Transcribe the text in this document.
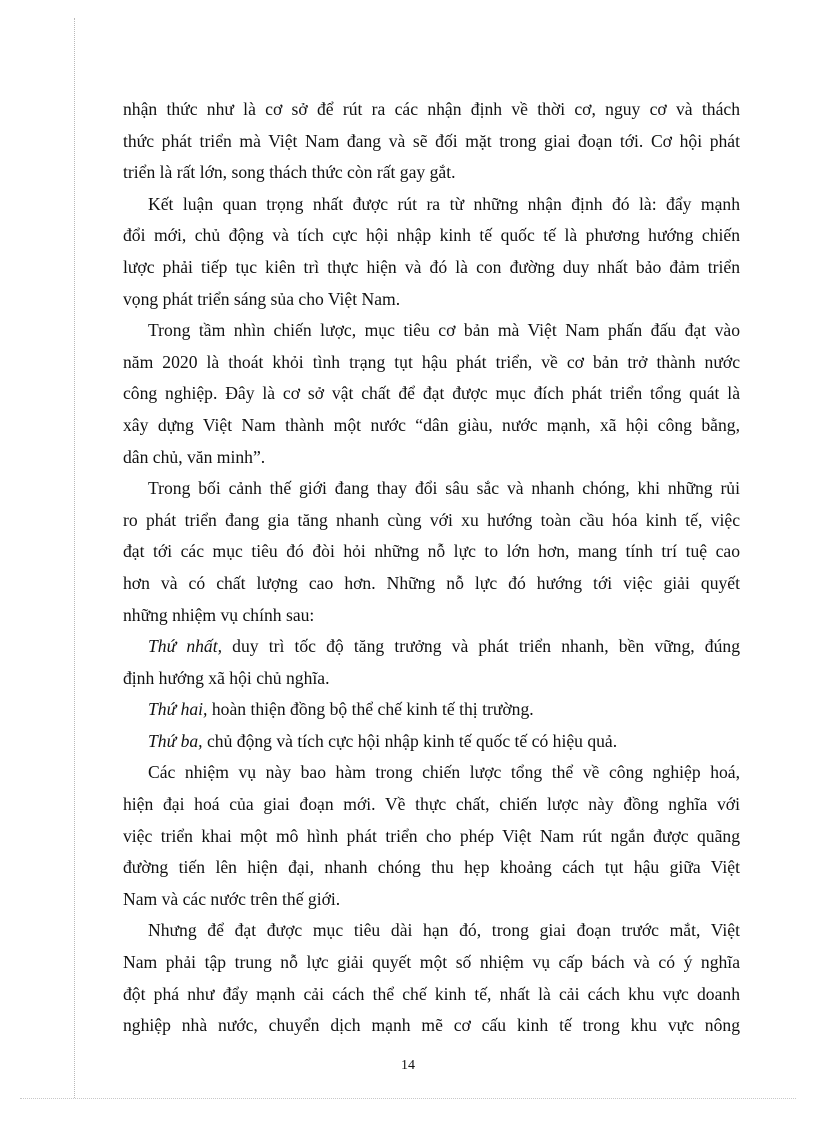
nhận thức như là cơ sở để rút ra các nhận định về thời cơ, nguy cơ và thách
thức phát triển mà Việt Nam đang và sẽ đối mặt trong giai đoạn tới. Cơ hội phát
triển là rất lớn, song thách thức còn rất gay gắt.
Kết luận quan trọng nhất được rút ra từ những nhận định đó là: đẩy mạnh
đổi mới, chủ động và tích cực hội nhập kinh tế quốc tế là phương hướng chiến
lược phải tiếp tục kiên trì thực hiện và đó là con đường duy nhất bảo đảm triển
vọng phát triển sáng sủa cho Việt Nam.
Trong tầm nhìn chiến lược, mục tiêu cơ bản mà Việt Nam phấn đấu đạt vào
năm 2020 là thoát khỏi tình trạng tụt hậu phát triển, về cơ bản trở thành nước
công nghiệp. Đây là cơ sở vật chất để đạt được mục đích phát triển tổng quát là
xây dựng Việt Nam thành một nước “dân giàu, nước mạnh, xã hội công bằng,
dân chủ, văn minh”.
Trong bối cảnh thế giới đang thay đổi sâu sắc và nhanh chóng, khi những rủi
ro phát triển đang gia tăng nhanh cùng với xu hướng toàn cầu hóa kinh tế, việc
đạt tới các mục tiêu đó đòi hỏi những nỗ lực to lớn hơn, mang tính trí tuệ cao
hơn và có chất lượng cao hơn. Những nỗ lực đó hướng tới việc giải quyết
những nhiệm vụ chính sau:
Thứ nhất, duy trì tốc độ tăng trưởng và phát triển nhanh, bền vững, đúng
định hướng xã hội chủ nghĩa.
Thứ hai, hoàn thiện đồng bộ thể chế kinh tế thị trường.
Thứ ba, chủ động và tích cực hội nhập kinh tế quốc tế có hiệu quả.
Các nhiệm vụ này bao hàm trong chiến lược tổng thể về công nghiệp hoá,
hiện đại hoá của giai đoạn mới. Về thực chất, chiến lược này đồng nghĩa với
việc triển khai một mô hình phát triển cho phép Việt Nam rút ngắn được quãng
đường tiến lên hiện đại, nhanh chóng thu hẹp khoảng cách tụt hậu giữa Việt
Nam và các nước trên thế giới.
Nhưng để đạt được mục tiêu dài hạn đó, trong giai đoạn trước mắt, Việt
Nam phải tập trung nỗ lực giải quyết một số nhiệm vụ cấp bách và có ý nghĩa
đột phá như đẩy mạnh cải cách thể chế kinh tế, nhất là cải cách khu vực doanh
nghiệp nhà nước, chuyển dịch mạnh mẽ cơ cấu kinh tế trong khu vực nông
14
